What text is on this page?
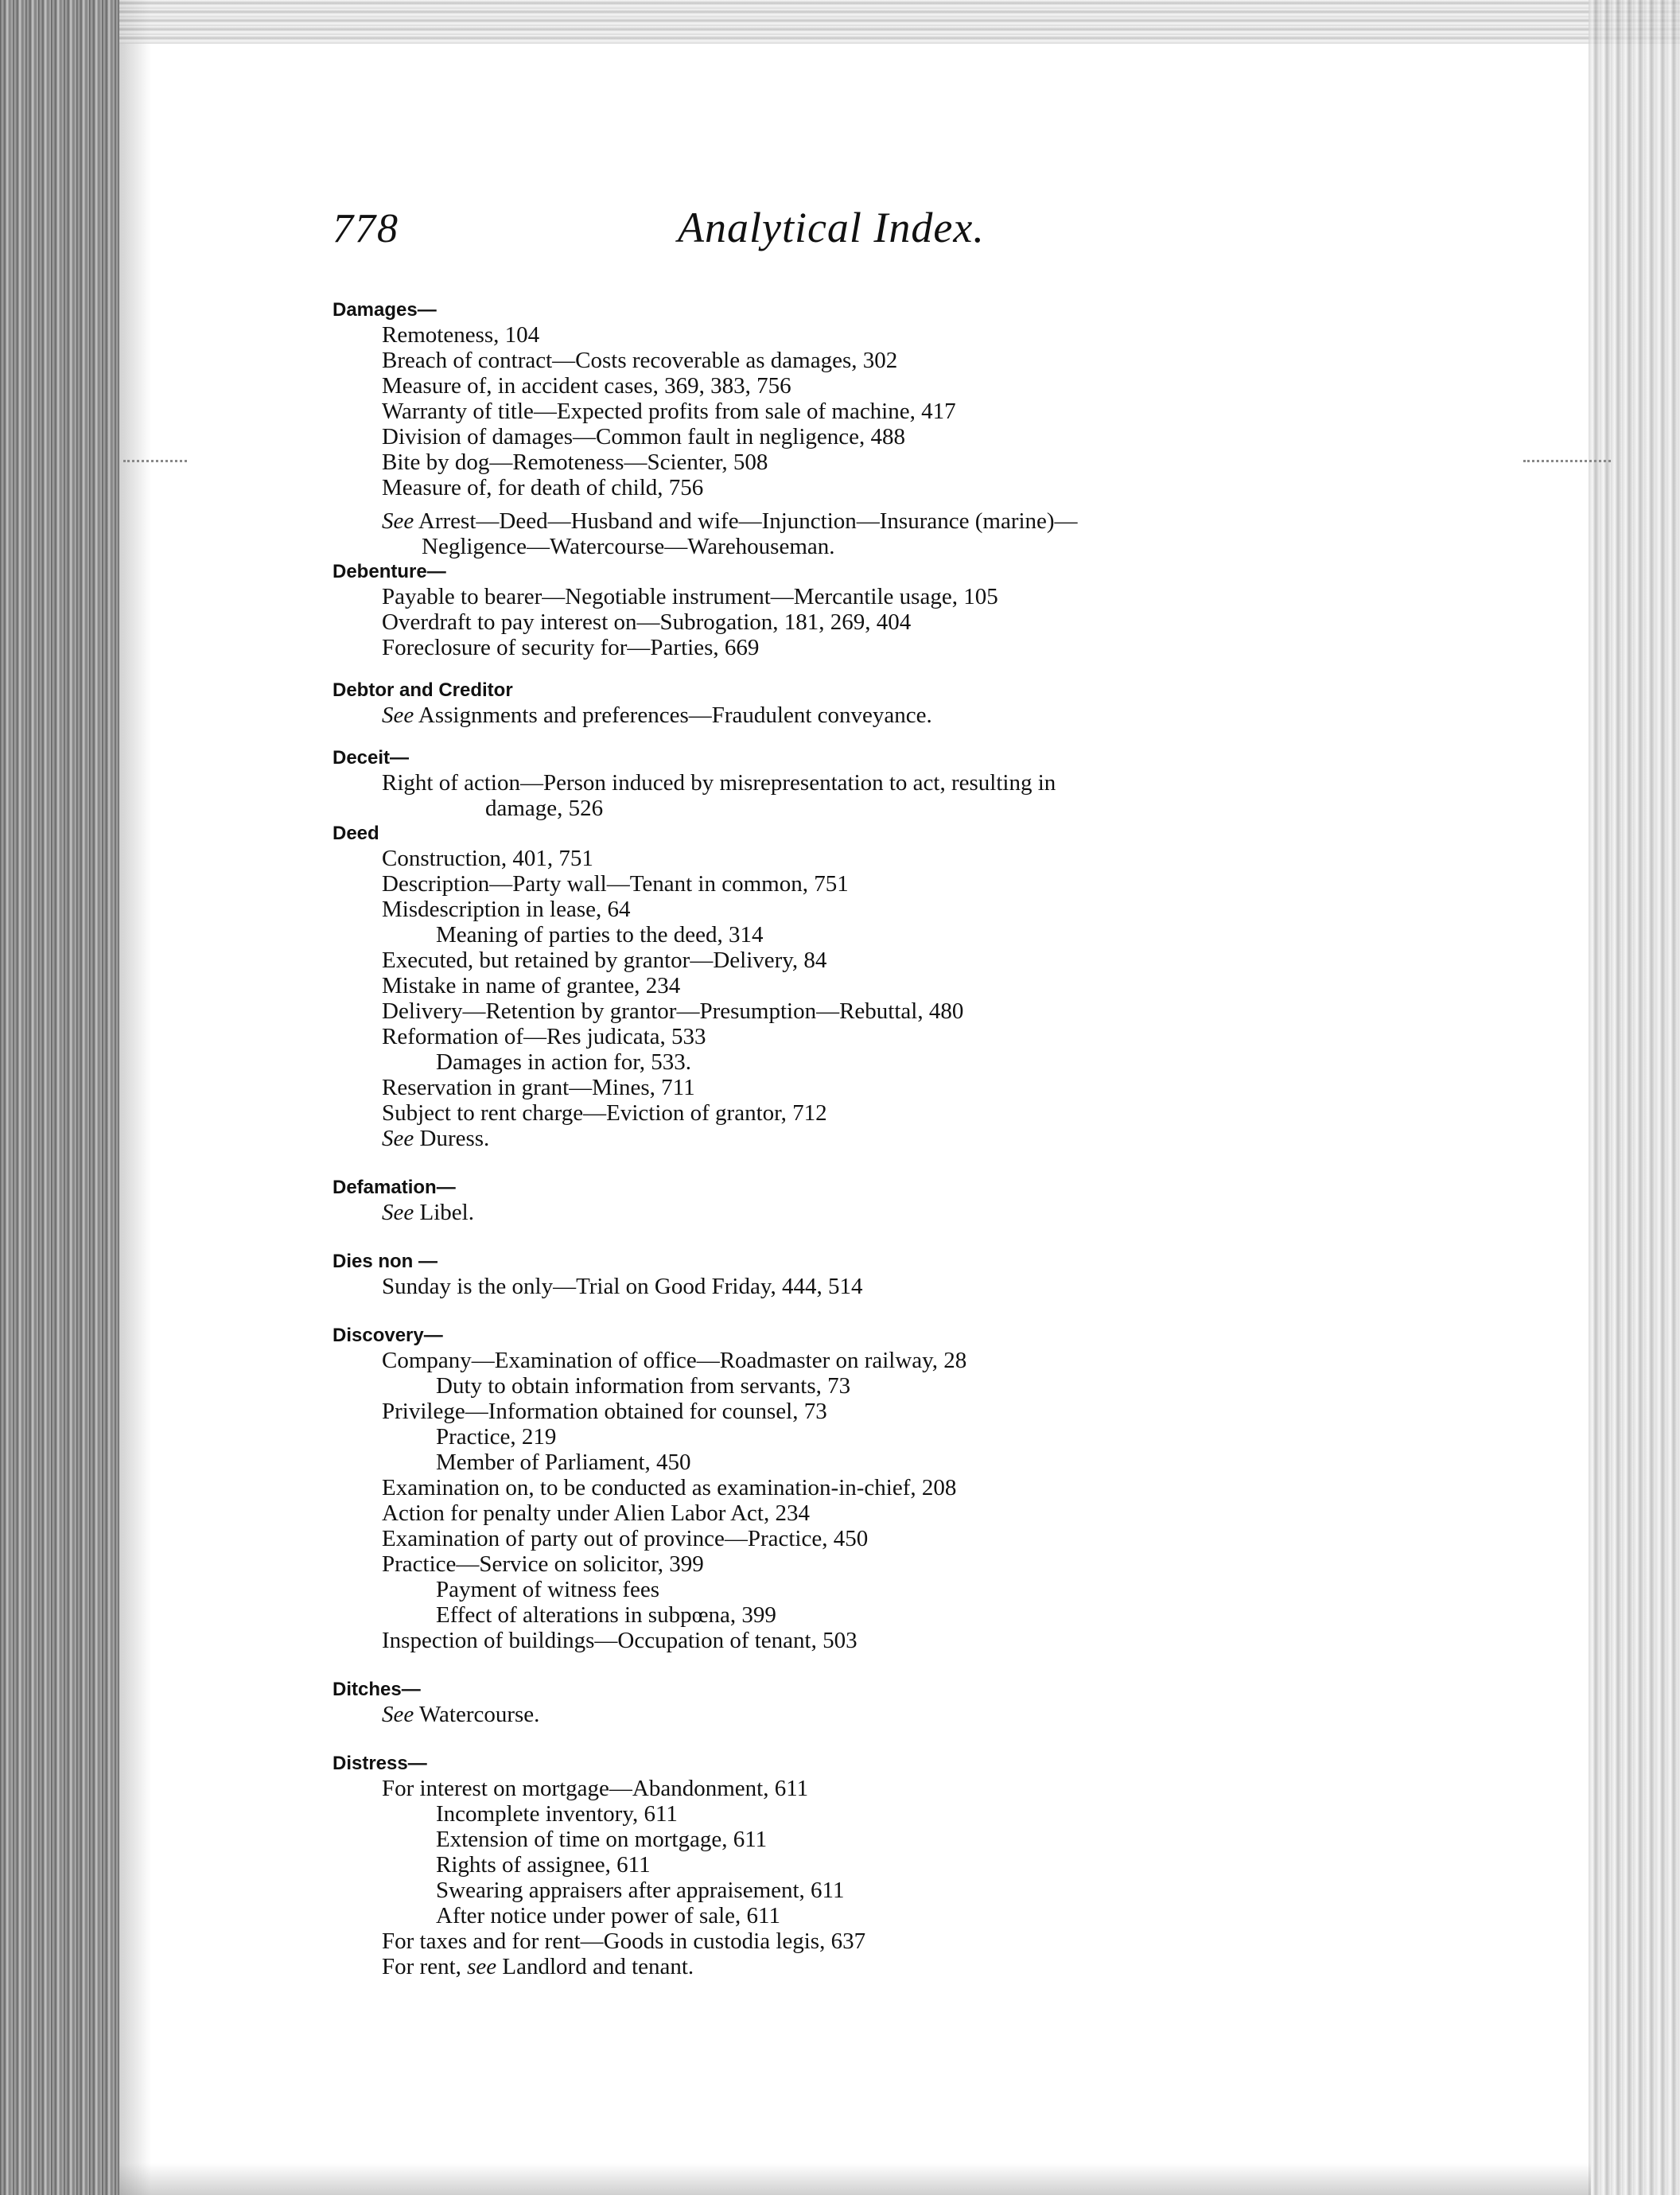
778	Analytical Index.
Damages—
Remoteness, 104
Breach of contract—Costs recoverable as damages, 302
Measure of, in accident cases, 369, 383, 756
Warranty of title—Expected profits from sale of machine, 417
Division of damages—Common fault in negligence, 488
Bite by dog—Remoteness—Scienter, 508
Measure of, for death of child, 756
See Arrest—Deed—Husband and wife—Injunction—Insurance (marine)—
Negligence—Watercourse—Warehouseman.
Debenture—
Payable to bearer—Negotiable instrument—Mercantile usage, 105
Overdraft to pay interest on—Subrogation, 181, 269, 404
Foreclosure of security for—Parties, 669
Debtor and Creditor
See Assignments and preferences—Fraudulent conveyance.
Deceit—
Right of action—Person induced by misrepresentation to act, resulting in
damage, 526
Deed
Construction, 401, 751
Description—Party wall—Tenant in common, 751
Misdescription in lease, 64
Meaning of parties to the deed, 314
Executed, but retained by grantor—Delivery, 84
Mistake in name of grantee, 234
Delivery—Retention by grantor—Presumption—Rebuttal, 480
Reformation of—Res judicata, 533
Damages in action for, 533.
Reservation in grant—Mines, 711
Subject to rent charge—Eviction of grantor, 712
See Duress.
Defamation—
See Libel.
Dies non —
Sunday is the only—Trial on Good Friday, 444, 514
Discovery—
Company—Examination of office—Roadmaster on railway, 28
Duty to obtain information from servants, 73
Privilege—Information obtained for counsel, 73
Practice, 219
Member of Parliament, 450
Examination on, to be conducted as examination-in-chief, 208
Action for penalty under Alien Labor Act, 234
Examination of party out of province—Practice, 450
Practice—Service on solicitor, 399
Payment of witness fees
Effect of alterations in subpœna, 399
Inspection of buildings—Occupation of tenant, 503
Ditches—
See Watercourse.
Distress—
For interest on mortgage—Abandonment, 611
Incomplete inventory, 611
Extension of time on mortgage, 611
Rights of assignee, 611
Swearing appraisers after appraisement, 611
After notice under power of sale, 611
For taxes and for rent—Goods in custodia legis, 637
For rent, see Landlord and tenant.
